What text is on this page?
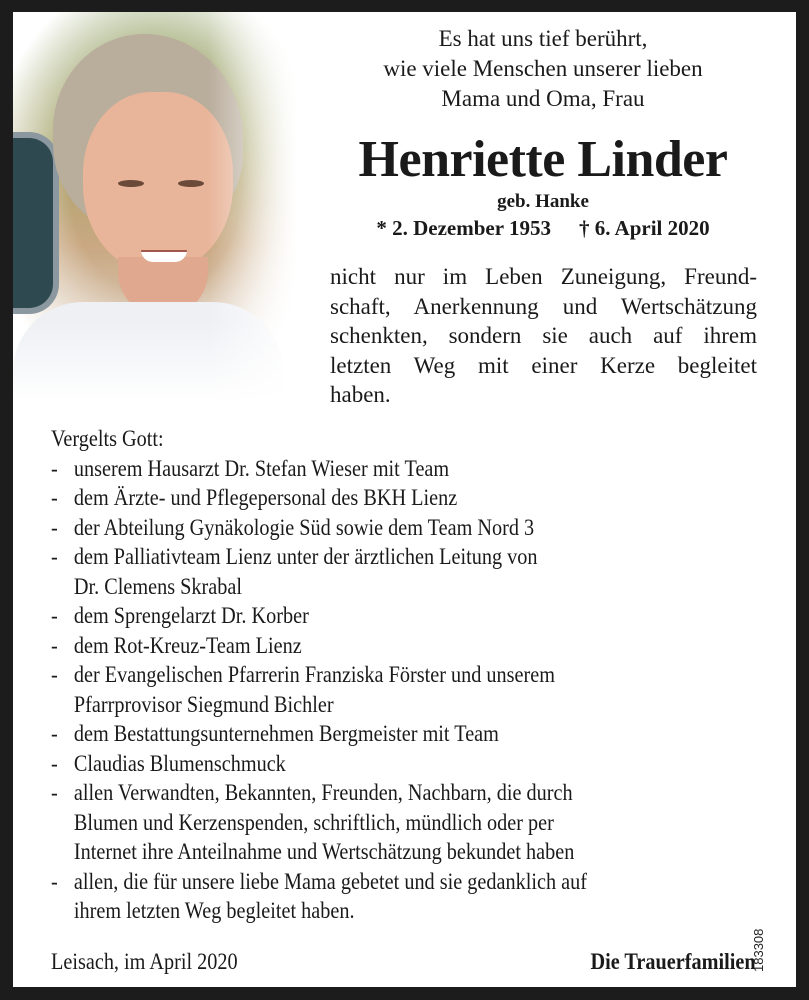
Es hat uns tief berührt,
wie viele Menschen unserer lieben
Mama und Oma, Frau
Henriette Linder
geb. Hanke
* 2. Dezember 1953 † 6. April 2020
nicht nur im Leben Zuneigung, Freund-
schaft, Anerkennung und Wertschätzung
schenkten, sondern sie auch auf ihrem
letzten Weg mit einer Kerze begleitet
haben.
Vergelts Gott:
- unserem Hausarzt Dr. Stefan Wieser mit Team
- dem Ärzte- und Pflegepersonal des BKH Lienz
- der Abteilung Gynäkologie Süd sowie dem Team Nord 3
- dem Palliativteam Lienz unter der ärztlichen Leitung von
Dr. Clemens Skrabal
- dem Sprengelarzt Dr. Korber
- dem Rot-Kreuz-Team Lienz
- der Evangelischen Pfarrerin Franziska Förster und unserem
Pfarrprovisor Siegmund Bichler
- dem Bestattungsunternehmen Bergmeister mit Team
- Claudias Blumenschmuck
- allen Verwandten, Bekannten, Freunden, Nachbarn, die durch
Blumen und Kerzenspenden, schriftlich, mündlich oder per
Internet ihre Anteilnahme und Wertschätzung bekundet haben
- allen, die für unsere liebe Mama gebetet und sie gedanklich auf
ihrem letzten Weg begleitet haben.
Leisach, im April 2020	Die Trauerfamilien
183308
